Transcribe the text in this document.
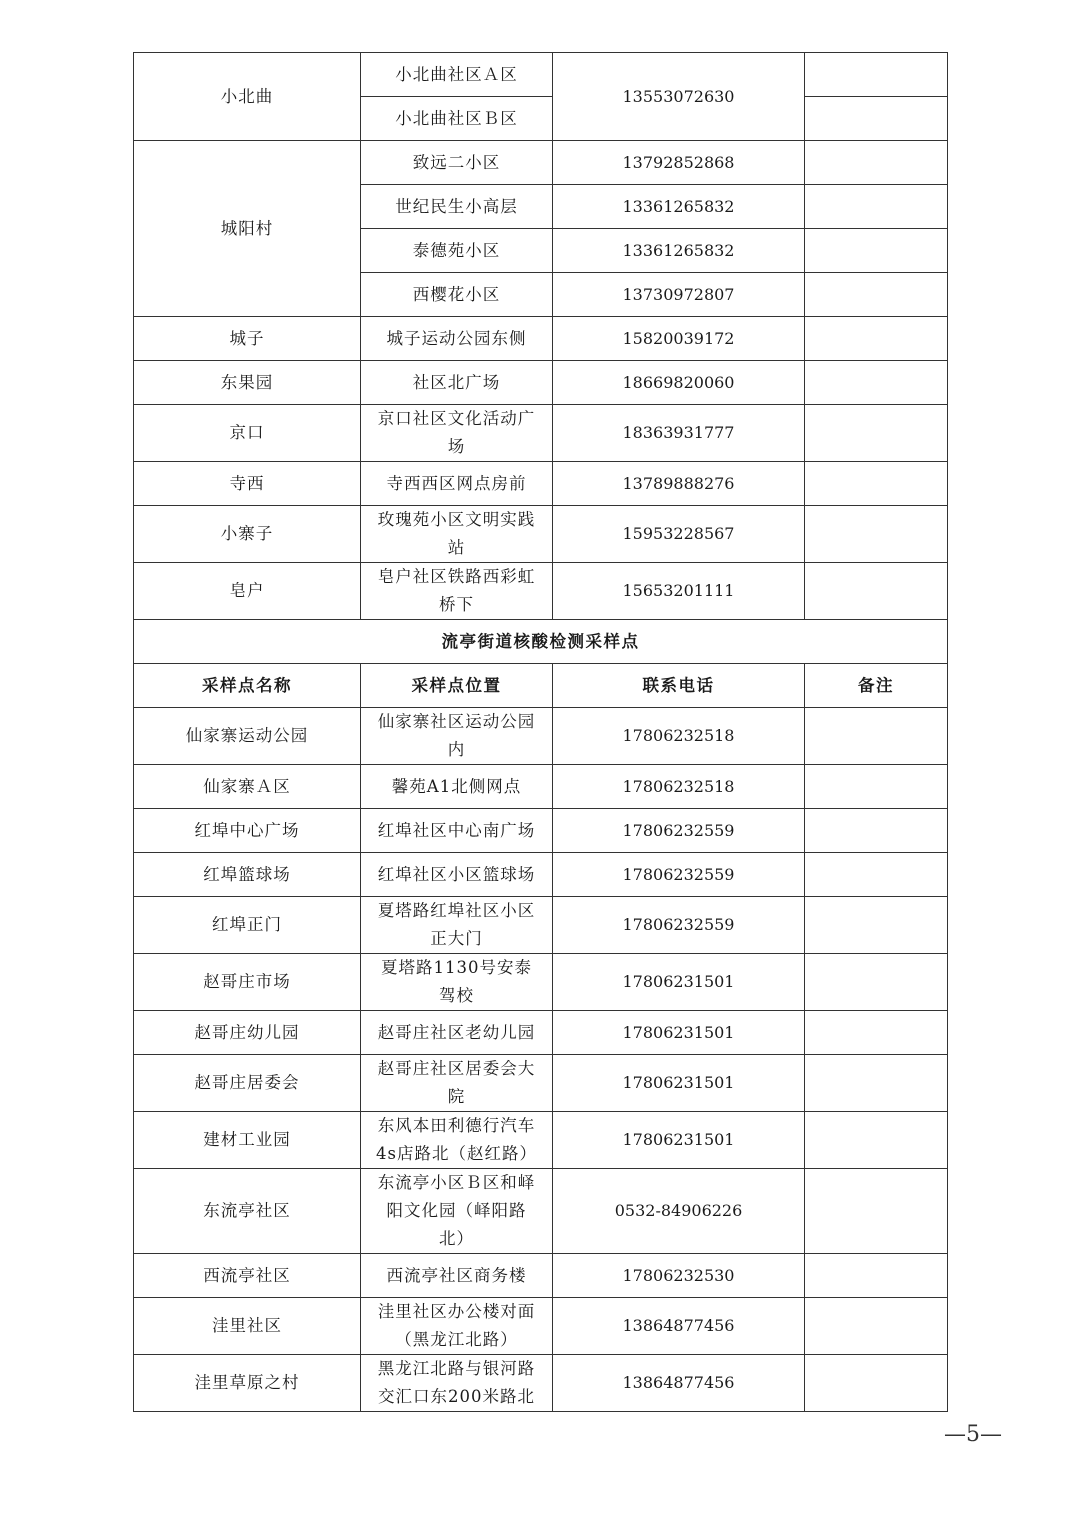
小北曲	小北曲社区Ａ区	13553072630	
	小北曲社区Ｂ区		
城阳村	致远二小区	13792852868	
	世纪民生小高层	13361265832	
	泰德苑小区	13361265832	
	西樱花小区	13730972807	
城子	城子运动公园东侧	15820039172	
东果园	社区北广场	18669820060	
京口	京口社区文化活动广场	18363931777	
寺西	寺西西区网点房前	13789888276	
小寨子	玫瑰苑小区文明实践站	15953228567	
皂户	皂户社区铁路西彩虹桥下	15653201111	
流亭街道核酸检测采样点			
采样点名称	采样点位置	联系电话	备注
仙家寨运动公园	仙家寨社区运动公园内	17806232518	
仙家寨Ａ区	馨苑A1北侧网点	17806232518	
红埠中心广场	红埠社区中心南广场	17806232559	
红埠篮球场	红埠社区小区篮球场	17806232559	
红埠正门	夏塔路红埠社区小区正大门	17806232559	
赵哥庄市场	夏塔路1130号安泰驾校	17806231501	
赵哥庄幼儿园	赵哥庄社区老幼儿园	17806231501	
赵哥庄居委会	赵哥庄社区居委会大院	17806231501	
建材工业园	东风本田利德行汽车4s店路北（赵红路）	17806231501	
东流亭社区	东流亭小区Ｂ区和峄阳文化园（峄阳路北）	0532-84906226	
西流亭社区	西流亭社区商务楼	17806232530	
洼里社区	洼里社区办公楼对面（黑龙江北路）	13864877456	
洼里草原之村	黑龙江北路与银河路交汇口东200米路北	13864877456	
—5—
